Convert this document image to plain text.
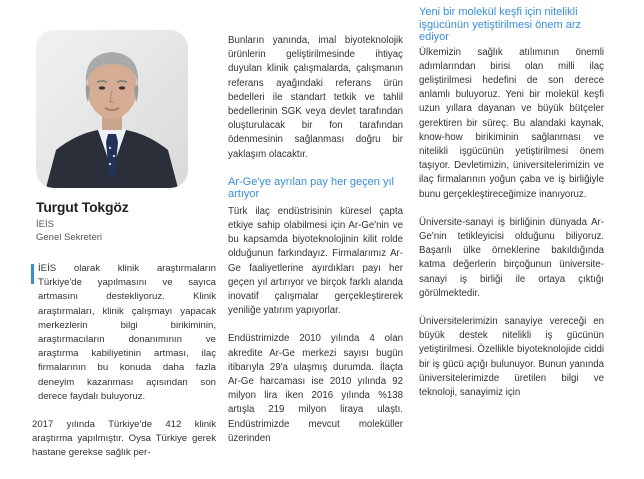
Turgut Tokgöz
İEİS
Genel Sekreteri

İEİS olarak klinik araştırmaların Türkiye'de yapılmasını ve sayıca artmasını destekliyoruz. Klinik araştırmaları, klinik çalışmayı yapacak merkezlerin bilgi birikiminin, araştırmacıların donanımının ve araştırma kabiliyetinin artması, ilaç firmalarının bu konuda daha fazla deneyim kazanması açısından son derece faydalı buluyoruz.

2017 yılında Türkiye'de 412 klinik araştırma yapılmıştır. Oysa Türkiye gerek hastane gerekse sağlık per-

Bunların yanında, imal biyoteknolojik ürünlerin geliştirilmesinde ihtiyaç duyulan klinik çalışmalarda, çalışmanın referans ayağındaki referans ürün bedelleri ile standart tetkik ve tahlil bedellerinin SGK veya devlet tarafından oluşturulacak bir fon tarafından ödenmesinin sağlanması doğru bir yaklaşım olacaktır.

Ar-Ge'ye ayrılan pay her geçen yıl artıyor

Türk ilaç endüstrisinin küresel çapta etkiye sahip olabilmesi için Ar-Ge'nin ve bu kapsamda biyoteknolojinin kilit rolde olduğunun farkındayız. Firmalarımız Ar-Ge faaliyetlerine ayırdıkları payı her geçen yıl artırıyor ve birçok farklı alanda inovatif çalışmalar gerçekleştirerek yeniliğe yatırım yapıyorlar.

Endüstrimizde 2010 yılında 4 olan akredite Ar-Ge merkezi sayısı bugün itibarıyla 29'a ulaşmış durumda. İlaçta Ar-Ge harcaması ise 2010 yılında 92 milyon lira iken 2016 yılında %138 artışla 219 milyon liraya ulaştı. Endüstrimizde mevcut moleküller üzerinden

Yeni bir molekül keşfi için nitelikli işgücünün yetiştirilmesi önem arz ediyor

Ülkemizin sağlık atılımının önemli adımlarından birisi olan milli ilaç geliştirilmesi hedefini de son derece anlamlı buluyoruz. Yeni bir molekül keşfi uzun yıllara dayanan ve büyük bütçeler gerektiren bir süreç. Bu alandaki kaynak, know-how birikiminin sağlanması ve nitelikli işgücünün yetiştirilmesi önem taşıyor. Devletimizin, üniversitelerimizin ve ilaç firmalarının yoğun çaba ve iş birliğiyle bunu gerçekleştireceğimize inanıyoruz.

Üniversite-sanayi iş birliğinin dünyada Ar-Ge'nin tetikleyicisi olduğunu biliyoruz. Başarılı ülke örneklerine bakıldığında katma değerlerin birçoğunun üniversite-sanayi iş birliği ile ortaya çıktığı görülmektedir.

Üniversitelerimizin sanayiye vereceği en büyük destek nitelikli iş gücünün yetiştirilmesi. Özellikle biyoteknolojide ciddi bir iş gücü açığı bulunuyor. Bunun yanında üniversitelerimizde üretilen bilgi ve teknoloji, sanayimiz için
